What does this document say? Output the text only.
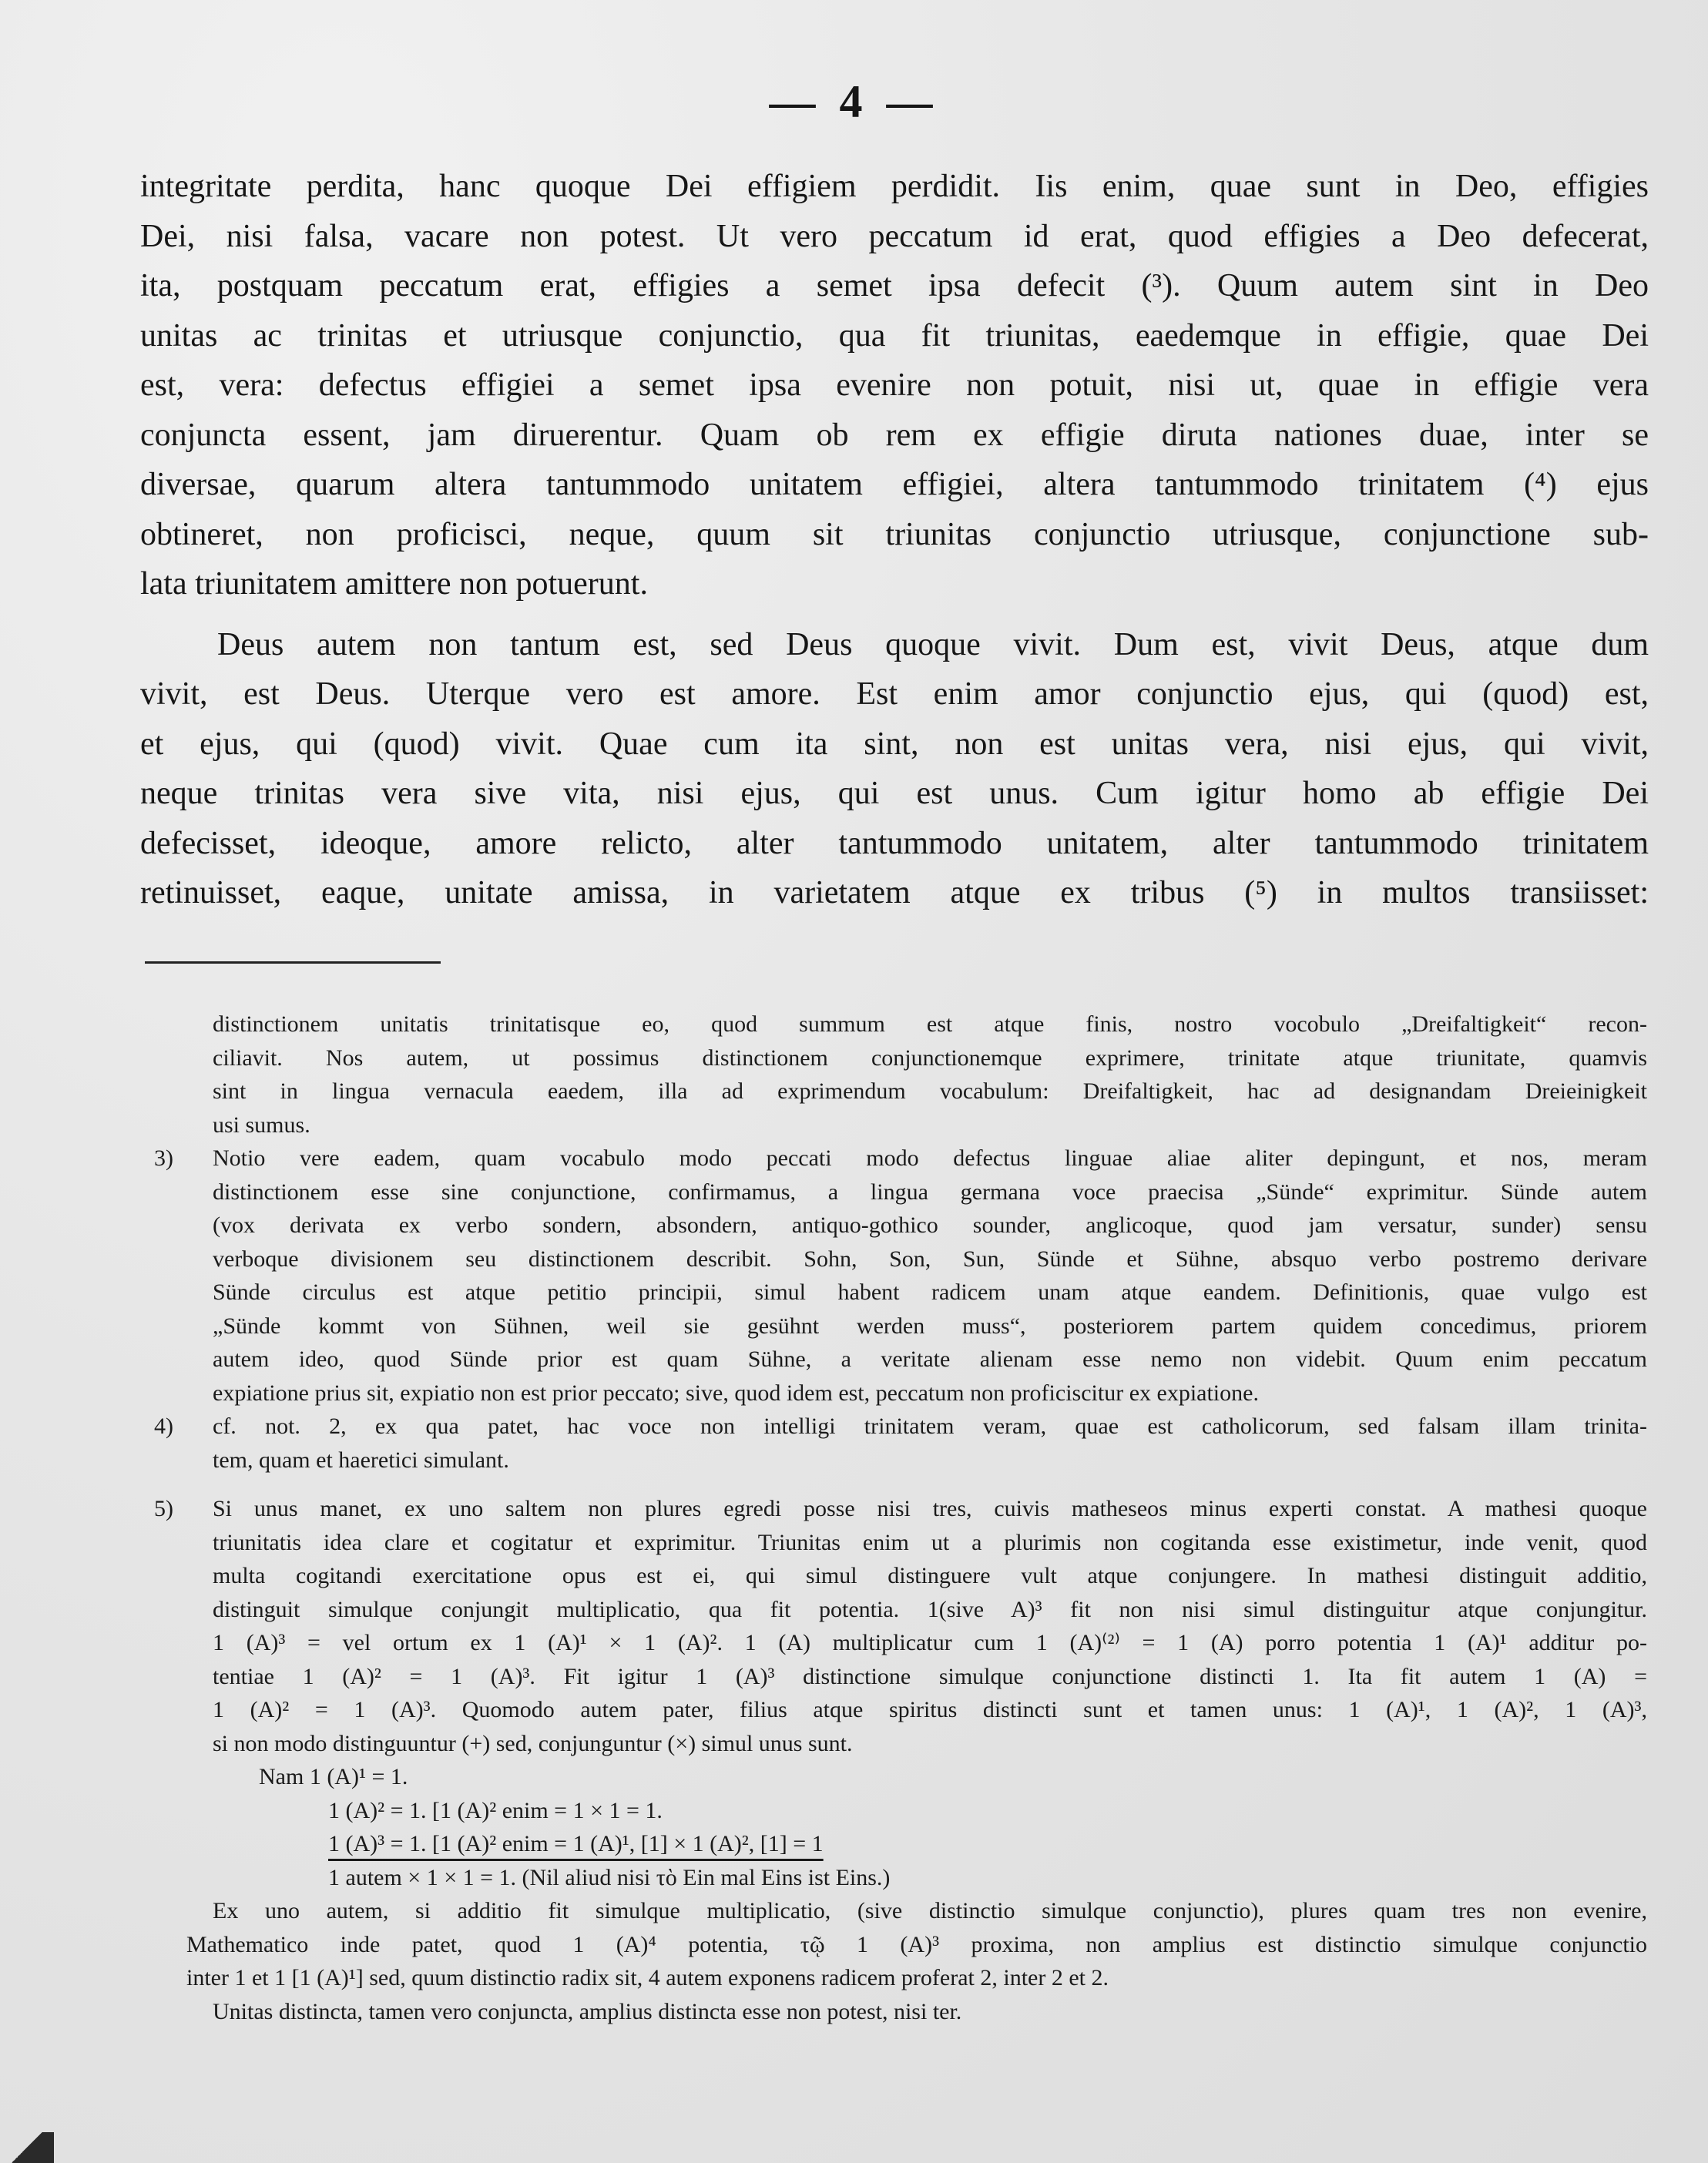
— 4 —

integritate perdita, hanc quoque Dei effigiem perdidit. Iis enim, quae sunt in Deo, effigies
Dei, nisi falsa, vacare non potest. Ut vero peccatum id erat, quod effigies a Deo defecerat,
ita, postquam peccatum erat, effigies a semet ipsa defecit (³). Quum autem sint in Deo
unitas ac trinitas et utriusque conjunctio, qua fit triunitas, eaedemque in effigie, quae Dei
est, vera: defectus effigiei a semet ipsa evenire non potuit, nisi ut, quae in effigie vera
conjuncta essent, jam diruerentur. Quam ob rem ex effigie diruta nationes duae, inter se
diversae, quarum altera tantummodo unitatem effigiei, altera tantummodo trinitatem (⁴) ejus
obtineret, non proficisci, neque, quum sit triunitas conjunctio utriusque, conjunctione sub-
lata triunitatem amittere non potuerunt.

Deus autem non tantum est, sed Deus quoque vivit. Dum est, vivit Deus, atque dum
vivit, est Deus. Uterque vero est amore. Est enim amor conjunctio ejus, qui (quod) est,
et ejus, qui (quod) vivit. Quae cum ita sint, non est unitas vera, nisi ejus, qui vivit,
neque trinitas vera sive vita, nisi ejus, qui est unus. Cum igitur homo ab effigie Dei
defecisset, ideoque, amore relicto, alter tantummodo unitatem, alter tantummodo trinitatem
retinuisset, eaque, unitate amissa, in varietatem atque ex tribus (⁵) in multos transiisset:

distinctionem unitatis trinitatisque eo, quod summum est atque finis, nostro vocobulo „Dreifaltigkeit“ recon-
ciliavit. Nos autem, ut possimus distinctionem conjunctionemque exprimere, trinitate atque triunitate, quamvis
sint in lingua vernacula eaedem, illa ad exprimendum vocabulum: Dreifaltigkeit, hac ad designandam Dreieinigkeit
usi sumus.
3) Notio vere eadem, quam vocabulo modo peccati modo defectus linguae aliae aliter depingunt, et nos, meram
distinctionem esse sine conjunctione, confirmamus, a lingua germana voce praecisa „Sünde“ exprimitur. Sünde autem
(vox derivata ex verbo sondern, absondern, antiquo-gothico sounder, anglicoque, quod jam versatur, sunder) sensu
verboque divisionem seu distinctionem describit. Sohn, Son, Sun, Sünde et Sühne, absquo verbo postremo derivare
Sünde circulus est atque petitio principii, simul habent radicem unam atque eandem. Definitionis, quae vulgo est
„Sünde kommt von Sühnen, weil sie gesühnt werden muss“, posteriorem partem quidem concedimus, priorem
autem ideo, quod Sünde prior est quam Sühne, a veritate alienam esse nemo non videbit. Quum enim peccatum
expiatione prius sit, expiatio non est prior peccato; sive, quod idem est, peccatum non proficiscitur ex expiatione.
4) cf. not. 2, ex qua patet, hac voce non intelligi trinitatem veram, quae est catholicorum, sed falsam illam trinita-
tem, quam et haeretici simulant.
5) Si unus manet, ex uno saltem non plures egredi posse nisi tres, cuivis matheseos minus experti constat. A mathesi quoque
triunitatis idea clare et cogitatur et exprimitur. Triunitas enim ut a plurimis non cogitanda esse existimetur, inde venit, quod
multa cogitandi exercitatione opus est ei, qui simul distinguere vult atque conjungere. In mathesi distinguit additio,
distinguit simulque conjungit multiplicatio, qua fit potentia. 1(sive A)³ fit non nisi simul distinguitur atque conjungitur.
1 (A)³ = vel ortum ex 1 (A)¹ × 1 (A)². 1 (A) multiplicatur cum 1 (A)⁽²⁾ = 1 (A) porro potentia 1 (A)¹ additur po-
tentiae 1 (A)² = 1 (A)³. Fit igitur 1 (A)³ distinctione simulque conjunctione distincti 1. Ita fit autem 1 (A) =
1 (A)² = 1 (A)³. Quomodo autem pater, filius atque spiritus distincti sunt et tamen unus: 1 (A)¹, 1 (A)², 1 (A)³,
si non modo distinguuntur (+) sed, conjunguntur (×) simul unus sunt.
Nam 1 (A)¹ = 1.
1 (A)² = 1. [1 (A)² enim = 1 × 1 = 1.
1 (A)³ = 1. [1 (A)² enim = 1 (A)¹, [1] × 1 (A)², [1] = 1
1 autem × 1 × 1 = 1. (Nil aliud nisi τὸ Ein mal Eins ist Eins.)
Ex uno autem, si additio fit simulque multiplicatio, (sive distinctio simulque conjunctio), plures quam tres non evenire,
Mathematico inde patet, quod 1 (A)⁴ potentia, τῷ 1 (A)³ proxima, non amplius est distinctio simulque conjunctio
inter 1 et 1 [1 (A)¹] sed, quum distinctio radix sit, 4 autem exponens radicem proferat 2, inter 2 et 2.
Unitas distincta, tamen vero conjuncta, amplius distincta esse non potest, nisi ter.
